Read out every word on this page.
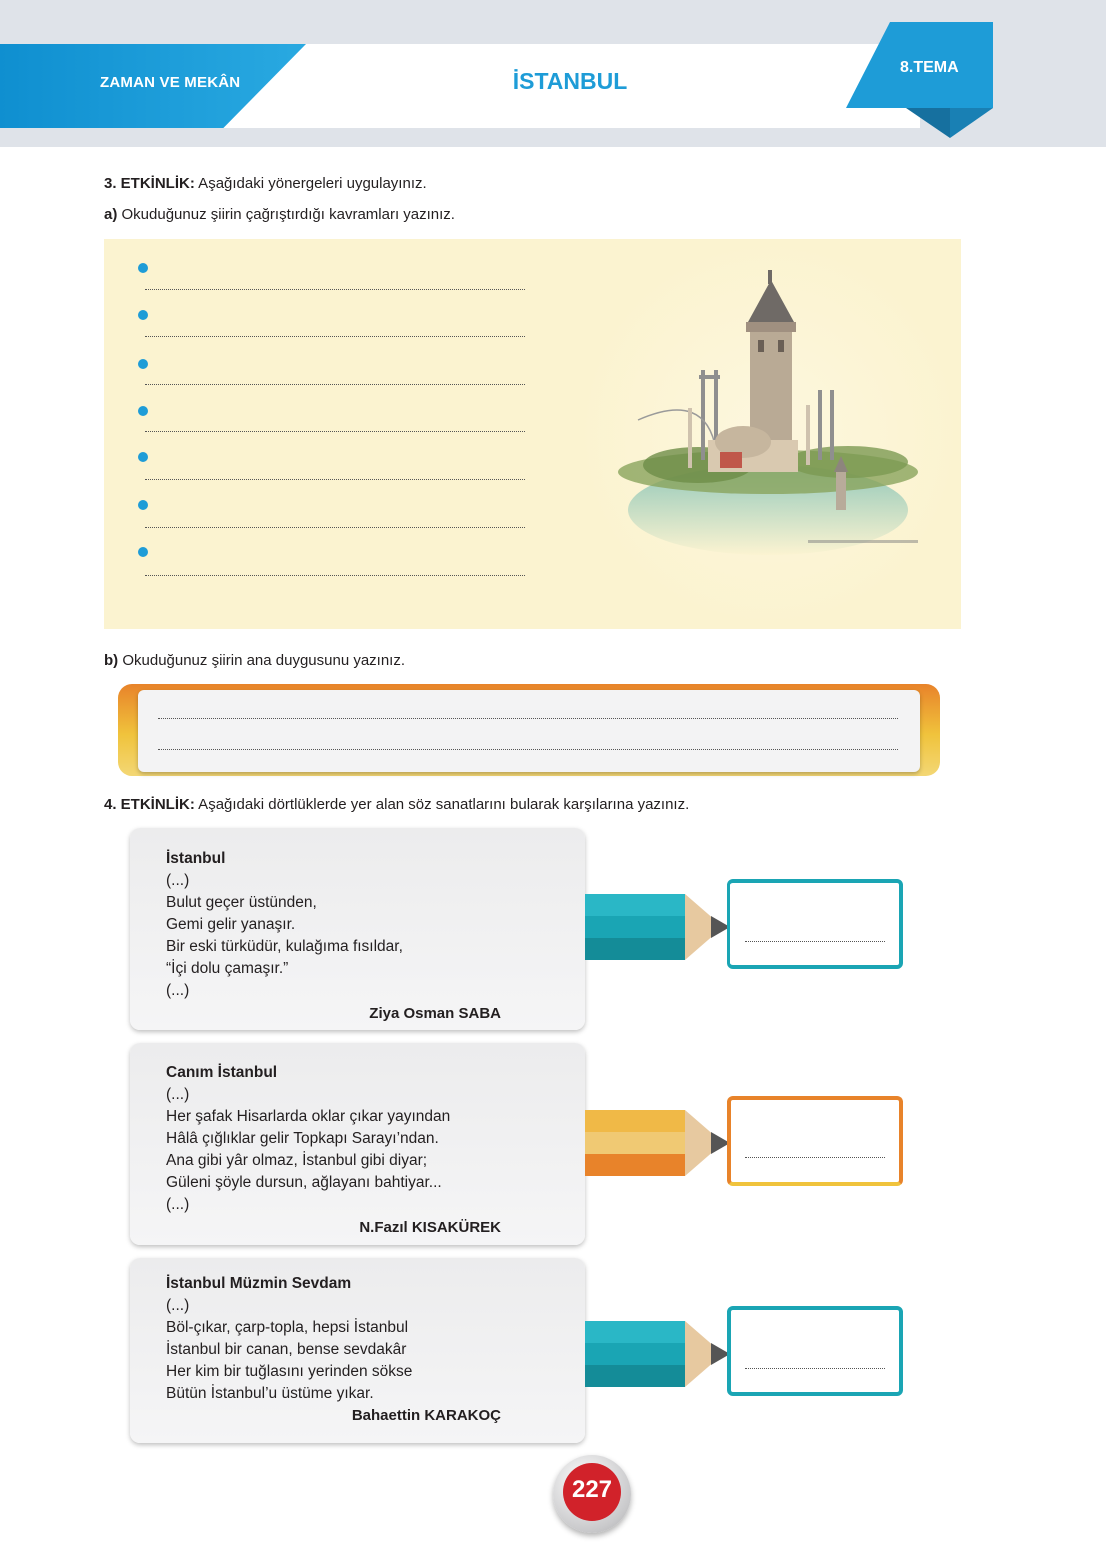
ZAMAN VE MEKÂN	İSTANBUL
8.TEMA
3. ETKİNLİK: Aşağıdaki yönergeleri uygulayınız.
a) Okuduğunuz şiirin çağrıştırdığı kavramları yazınız.
b) Okuduğunuz şiirin ana duygusunu yazınız.
4. ETKİNLİK: Aşağıdaki dörtlüklerde yer alan söz sanatlarını bularak karşılarına yazınız.
İstanbul
(...)
Bulut geçer üstünden,
Gemi gelir yanaşır.
Bir eski türküdür, kulağıma fısıldar,
“İçi dolu çamaşır.”
(...)
Ziya Osman SABA
Canım İstanbul
(...)
Her şafak Hisarlarda oklar çıkar yayından
Hâlâ çığlıklar gelir Topkapı Sarayı’ndan.
Ana gibi yâr olmaz, İstanbul gibi diyar;
Güleni şöyle dursun, ağlayanı bahtiyar...
(...)
N.Fazıl KISAKÜREK
İstanbul Müzmin Sevdam
(...)
Böl-çıkar, çarp-topla, hepsi İstanbul
İstanbul bir canan, bense sevdakâr
Her kim bir tuğlasını yerinden sökse
Bütün İstanbul’u üstüme yıkar.
Bahaettin KARAKOÇ
227
